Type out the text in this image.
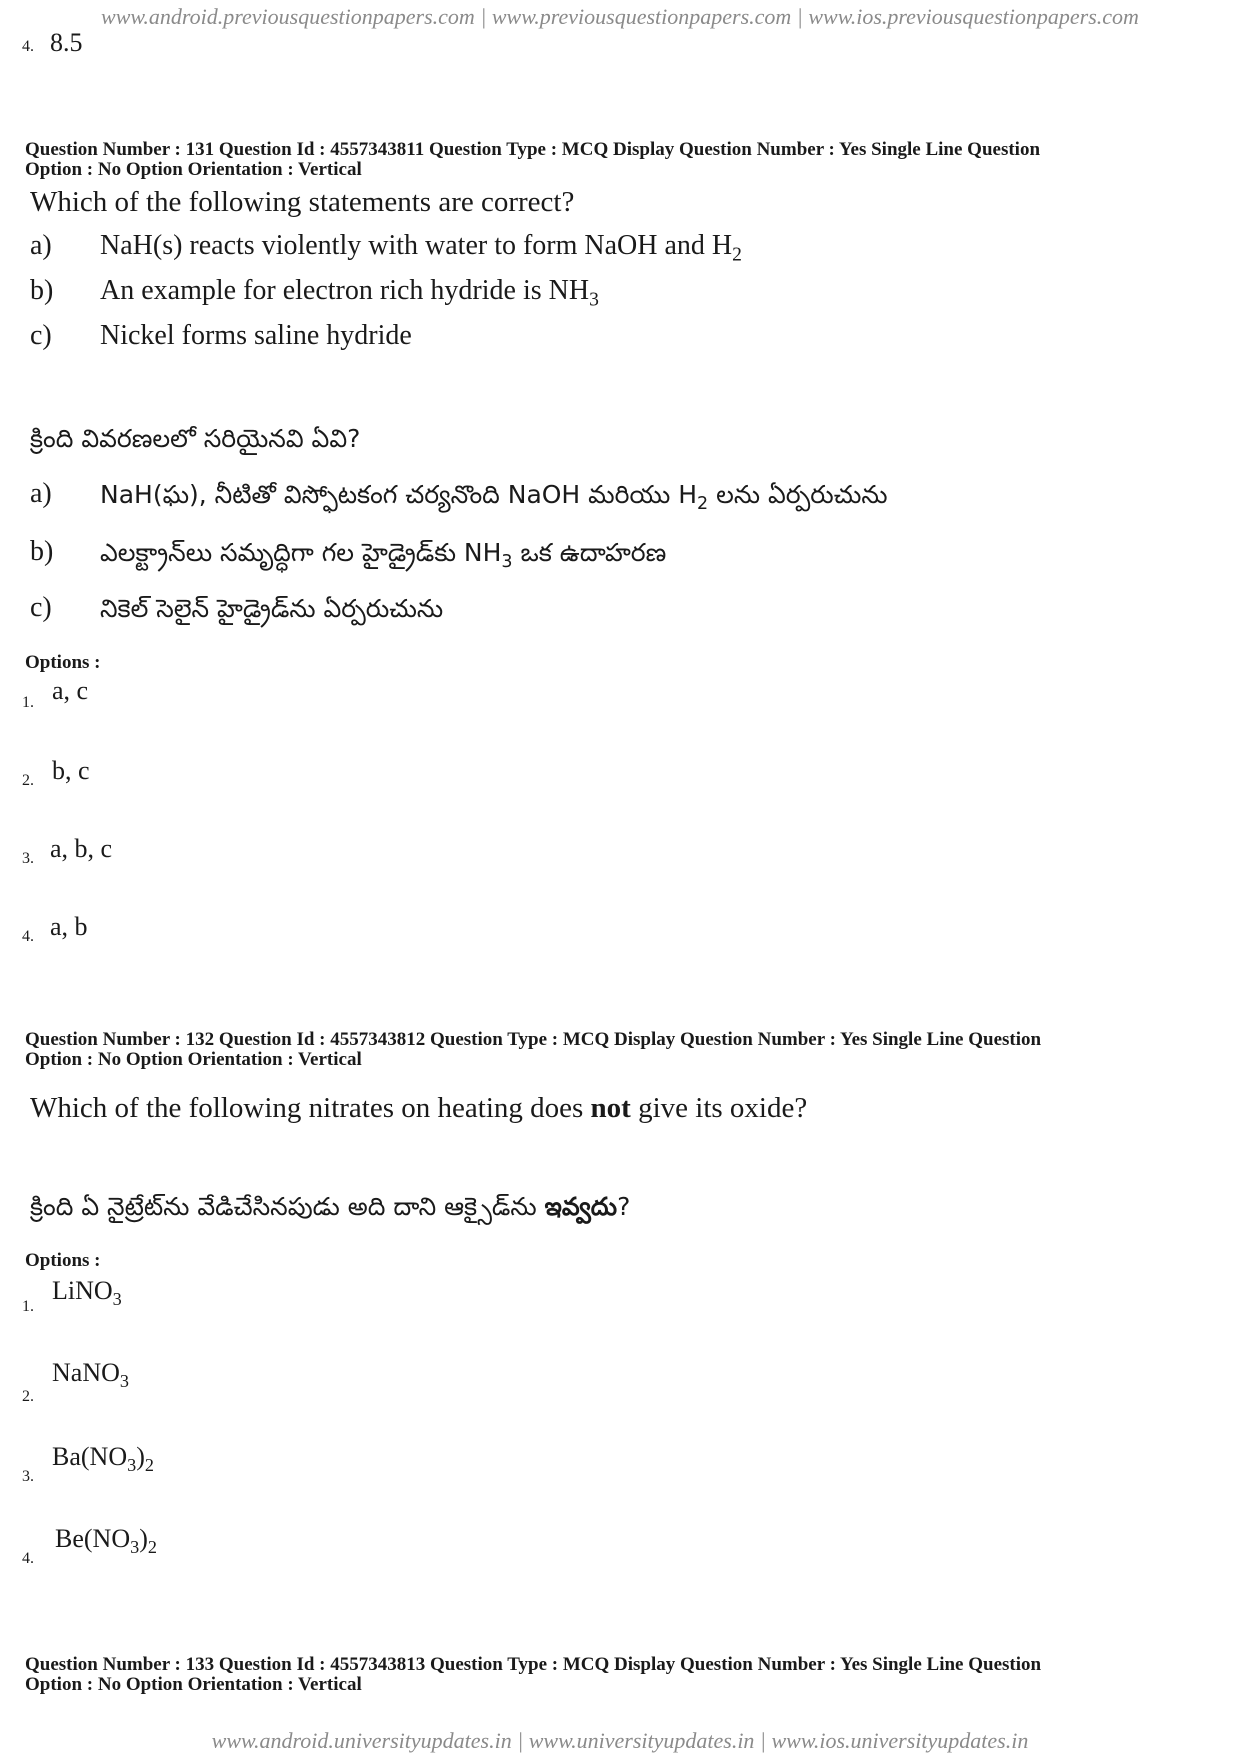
www.android.previousquestionpapers.com | www.previousquestionpapers.com | www.ios.previousquestionpapers.com
4. 8.5
Question Number : 131 Question Id : 4557343811 Question Type : MCQ Display Question Number : Yes Single Line Question
Option : No Option Orientation : Vertical
Which of the following statements are correct?
a) NaH(s) reacts violently with water to form NaOH and $H_2$
b) An example for electron rich hydride is $NH_3$
c) Nickel forms saline hydride
క్రింది వివరణలలో సరియైనవి ఏవి?
a) NaH(ఘ), నీటితో విస్ఫోటకంగ చర్యనొంది NaOH మరియు $H_2$ లను ఏర్పరుచును
b) ఎలక్ట్రాన్‌లు సమృద్ధిగా గల హైడ్రైడ్‌కు $NH_3$ ఒక ఉదాహరణ
c) నికెల్ సెలైన్ హైడ్రైడ్‌ను ఏర్పరుచును
Options :
1. a, c
2. b, c
3. a, b, c
4. a, b
Question Number : 132 Question Id : 4557343812 Question Type : MCQ Display Question Number : Yes Single Line Question
Option : No Option Orientation : Vertical
Which of the following nitrates on heating does not give its oxide?
క్రింది ఏ నైట్రేట్‌ను వేడిచేసినపుడు అది దాని ఆక్సైడ్‌ను ఇవ్వదు?
Options :
1.
LiNO$_3$
2.
NaNO$_3$
3.
$Ba(NO_3)_2$
4.
$Be(NO_3)_2$
Question Number : 133 Question Id : 4557343813 Question Type : MCQ Display Question Number : Yes Single Line Question
Option : No Option Orientation : Vertical
www.android.universityupdates.in | www.universityupdates.in | www.ios.universityupdates.in
